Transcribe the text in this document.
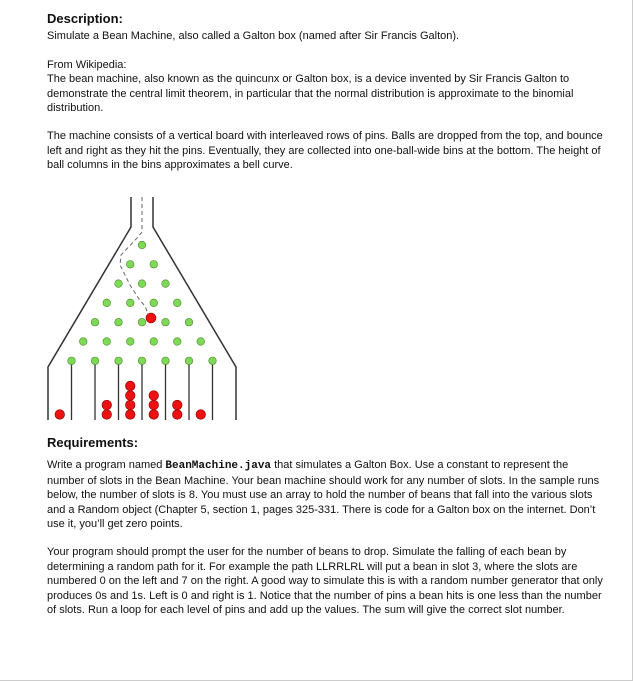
Description:

Simulate a Bean Machine, also called a Galton box (named after Sir Francis Galton).

From Wikipedia:

The bean machine, also known as the quincunx or Galton box, is a device invented by Sir Francis Galton to demonstrate the central limit theorem, in particular that the normal distribution is approximate to the binomial distribution.

The machine consists of a vertical board with interleaved rows of pins. Balls are dropped from the top, and bounce left and right as they hit the pins. Eventually, they are collected into one-ball-wide bins at the bottom. The height of ball columns in the bins approximates a bell curve.

Requirements:

Write a program named BeanMachine.java that simulates a Galton Box. Use a constant to represent the number of slots in the Bean Machine. Your bean machine should work for any number of slots. In the sample runs below, the number of slots is 8. You must use an array to hold the number of beans that fall into the various slots and a Random object (Chapter 5, section 1, pages 325-331. There is code for a Galton box on the internet. Don’t use it, you’ll get zero points.

Your program should prompt the user for the number of beans to drop. Simulate the falling of each bean by determining a random path for it. For example the path LLRRLRL will put a bean in slot 3, where the slots are numbered 0 on the left and 7 on the right. A good way to simulate this is with a random number generator that only produces 0s and 1s. Left is 0 and right is 1. Notice that the number of pins a bean hits is one less than the number of slots. Run a loop for each level of pins and add up the values. The sum will give the correct slot number.
